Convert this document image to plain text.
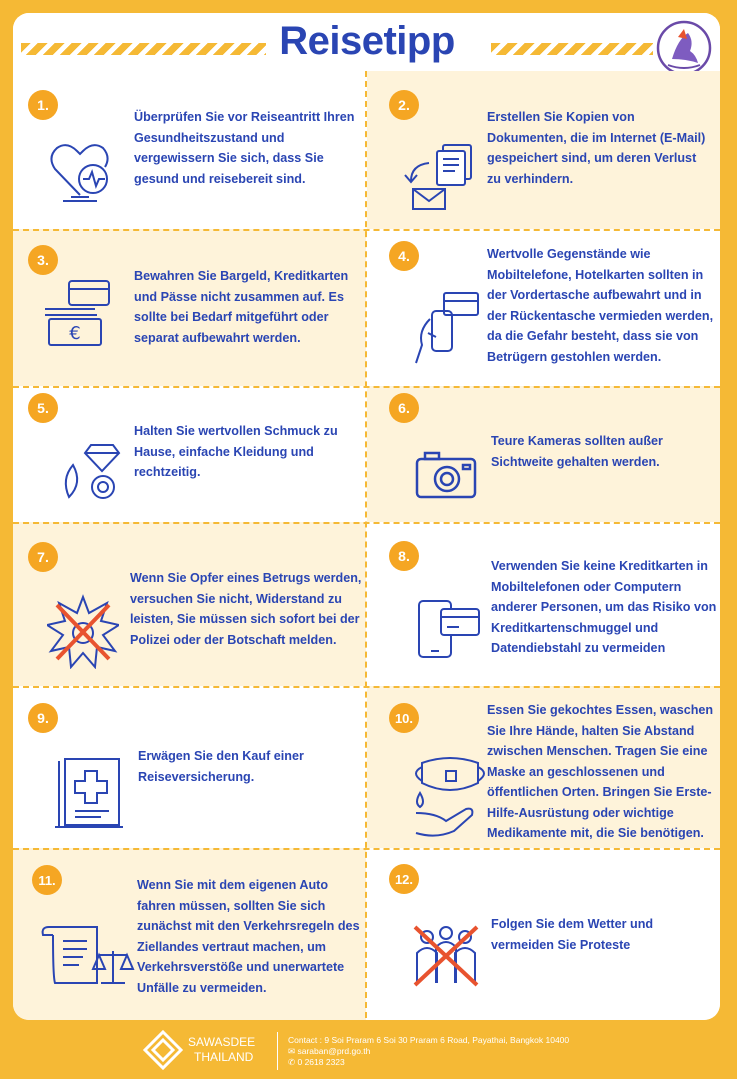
Reisetipp
1.	2.
3.	4.
5.	6.
7.	8.
9.	10.
11.	12.
Überprüfen Sie vor Reiseantritt Ihren Gesundheitszustand und vergewissern Sie sich, dass Sie gesund und reisebereit sind.
Erstellen Sie Kopien von Dokumenten, die im Internet (E-Mail) gespeichert sind, um deren Verlust zu verhindern.
Bewahren Sie Bargeld, Kreditkarten und Pässe nicht zusammen auf. Es sollte bei Bedarf mitgeführt oder separat aufbewahrt werden.
Wertvolle Gegenstände wie Mobiltelefone, Hotelkarten sollten in der Vordertasche aufbewahrt und in der Rückentasche vermieden werden, da die Gefahr besteht, dass sie von Betrügern gestohlen werden.
Halten Sie wertvollen Schmuck zu Hause, einfache Kleidung und rechtzeitig.
Teure Kameras sollten außer Sichtweite gehalten werden.
Wenn Sie Opfer eines Betrugs werden, versuchen Sie nicht, Widerstand zu leisten, Sie müssen sich sofort bei der Polizei oder der Botschaft melden.
Verwenden Sie keine Kreditkarten in Mobiltelefonen oder Computern anderer Personen, um das Risiko von Kreditkartenschmuggel und Datendiebstahl zu vermeiden
Erwägen Sie den Kauf einer Reiseversicherung.
Essen Sie gekochtes Essen, waschen Sie Ihre Hände, halten Sie Abstand zwischen Menschen. Tragen Sie eine Maske an geschlossenen und öffentlichen Orten. Bringen Sie Erste-Hilfe-Ausrüstung oder wichtige Medikamente mit, die Sie benötigen.
Wenn Sie mit dem eigenen Auto fahren müssen, sollten Sie sich zunächst mit den Verkehrsregeln des Ziellandes vertraut machen, um Verkehrsverstöße und unerwartete Unfälle zu vermeiden.
Folgen Sie dem Wetter und vermeiden Sie Proteste
€
SAWASDEE
THAILAND
Contact : 9 Soi Praram 6 Soi 30 Praram 6 Road, Payathai, Bangkok 10400
✉ saraban@prd.go.th
✆ 0 2618 2323
